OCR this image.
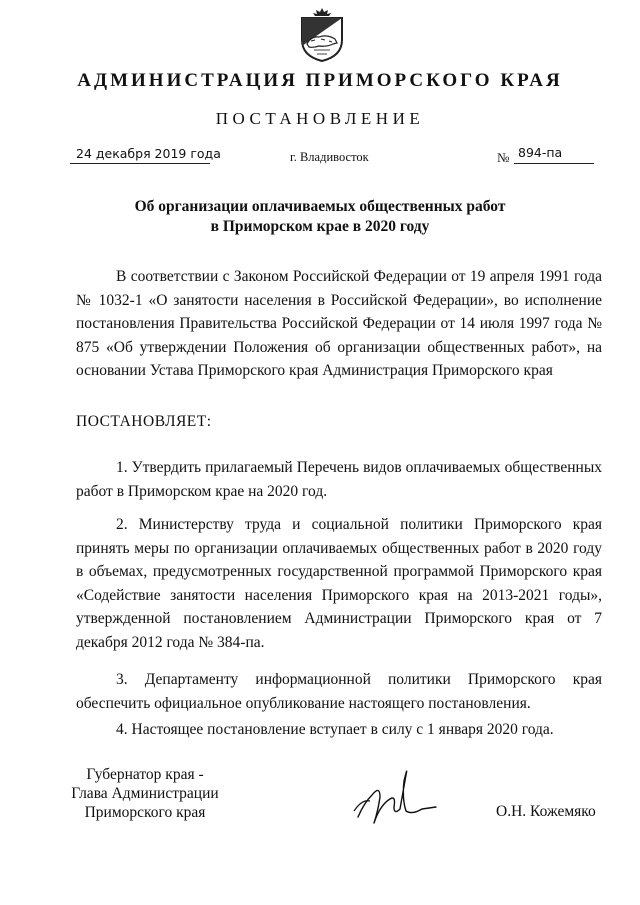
АДМИНИСТРАЦИЯ ПРИМОРСКОГО КРАЯ
ПОСТАНОВЛЕНИЕ
24 декабря 2019 года	г. Владивосток	№ 894-па
Об организации оплачиваемых общественных работ
в Приморском крае в 2020 году
В соответствии с Законом Российской Федерации от 19 апреля 1991 года № 1032-1 «О занятости населения в Российской Федерации», во исполнение постановления Правительства Российской Федерации от 14 июля 1997 года № 875 «Об утверждении Положения об организации общественных работ», на основании Устава Приморского края Администрация Приморского края
ПОСТАНОВЛЯЕТ:
1. Утвердить прилагаемый Перечень видов оплачиваемых общественных работ в Приморском крае на 2020 год.
2. Министерству труда и социальной политики Приморского края принять меры по организации оплачиваемых общественных работ в 2020 году в объемах, предусмотренных государственной программой Приморского края «Содействие занятости населения Приморского края на 2013-2021 годы», утвержденной постановлением Администрации Приморского края от 7 декабря 2012 года № 384-па.
3. Департаменту информационной политики Приморского края обеспечить официальное опубликование настоящего постановления.
4. Настоящее постановление вступает в силу с 1 января 2020 года.
Губернатор края -
Глава Администрации
Приморского края	О.Н. Кожемяко
